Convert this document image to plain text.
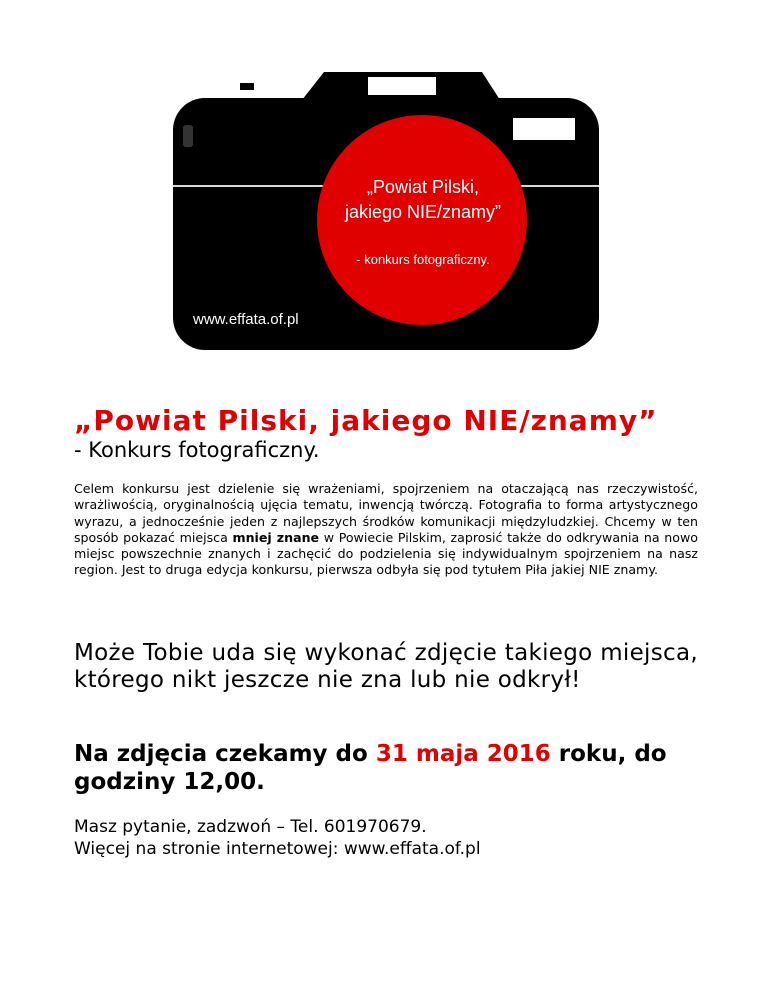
„Powiat Pilski,
jakiego NIE/znamy”
- konkurs fotograficzny.
www.effata.of.pl
„Powiat Pilski, jakiego NIE/znamy”

- Konkurs fotograficzny.

Celem konkursu jest dzielenie się wrażeniami, spojrzeniem na otaczającą nas rzeczywistość, wrażliwością, oryginalnością ujęcia tematu, inwencją twórczą. Fotografia to forma artystycznego wyrazu, a jednocześnie jeden z najlepszych środków komunikacji międzyludzkiej. Chcemy w ten sposób pokazać miejsca mniej znane w Powiecie Pilskim, zaprosić także do odkrywania na nowo miejsc powszechnie znanych i zachęcić do podzielenia się indywidualnym spojrzeniem na nasz region. Jest to druga edycja konkursu, pierwsza odbyła się pod tytułem Piła jakiej NIE znamy.

Może Tobie uda się wykonać zdjęcie takiego miejsca, którego nikt jeszcze nie zna lub nie odkrył!

Na zdjęcia czekamy do 31 maja 2016 roku, do godziny 12,00.

Masz pytanie, zadzwoń – Tel. 601970679.
Więcej na stronie internetowej: www.effata.of.pl
